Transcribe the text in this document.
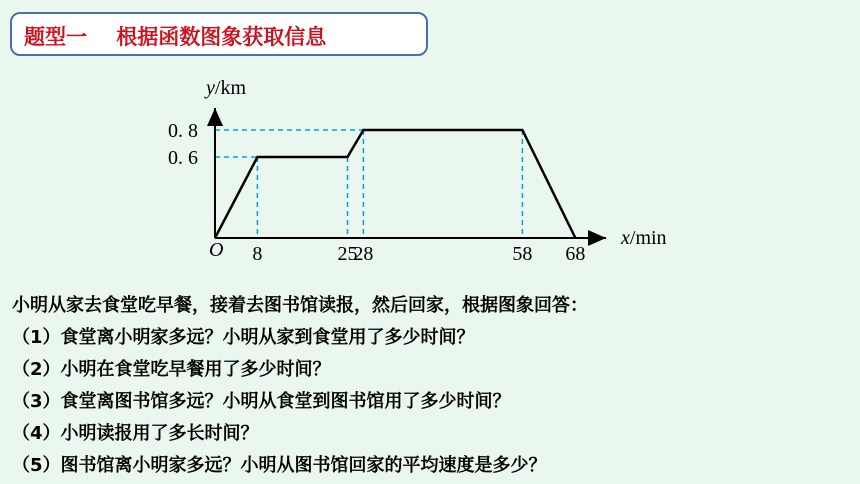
题型一 根据函数图象获取信息
8	25
28	58 68
0. 6
0. 8
O
y/km
x/min
小明从家去食堂吃早餐，接着去图书馆读报，然后回家，根据图象回答：
（1）食堂离小明家多远？小明从家到食堂用了多少时间？
（2）小明在食堂吃早餐用了多少时间？
（3）食堂离图书馆多远？小明从食堂到图书馆用了多少时间？
（4）小明读报用了多长时间？
（5）图书馆离小明家多远？小明从图书馆回家的平均速度是多少？
